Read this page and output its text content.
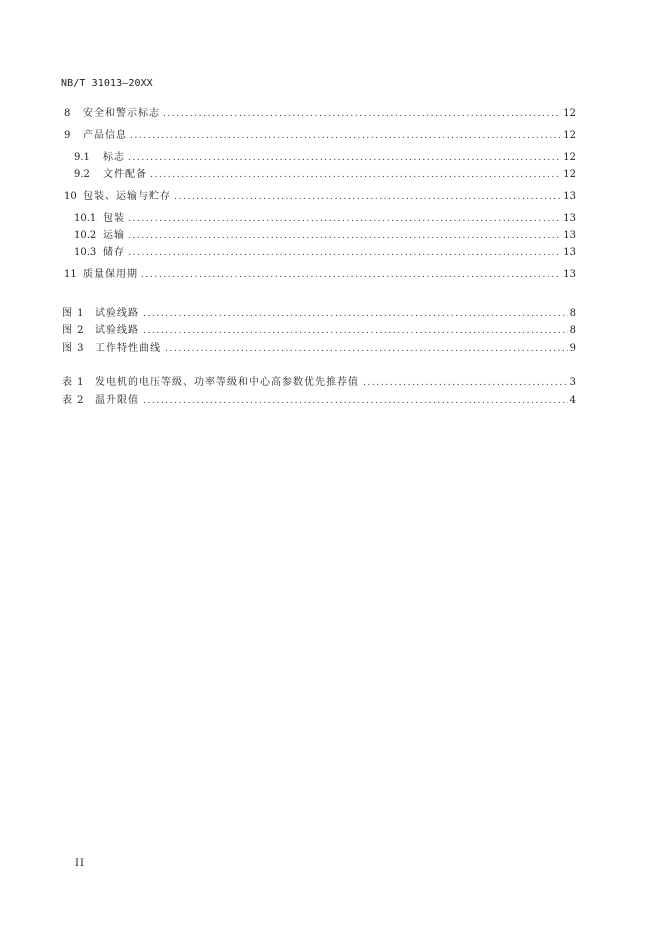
NB/T 31013—20XX
8	安全和警示标志 .....	12
9	产品信息 .....	12
9.1	标志 .....	12
9.2	文件配备 .....	12
10 包装、运输与贮存 .....	13
10.1 包装 .....	13
10.2 运输 .....	13
10.3 储存 .....	13
11 质量保用期 .....	13
图 1	试验线路 .....	8
图 2	试验线路 .....	8
图 3	工作特性曲线 .....	9
表 1	发电机的电压等级、功率等级和中心高参数优先推荐值 .....	3
表 2	温升限值 .....	4
II
